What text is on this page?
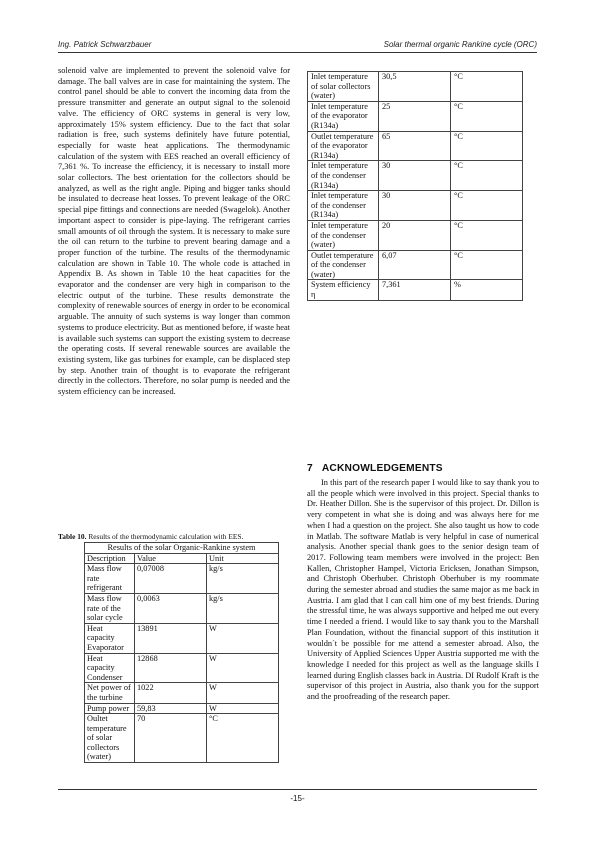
Ing. Patrick Schwarzbauer	Solar thermal organic Rankine cycle (ORC)

solenoid valve are implemented to prevent the solenoid valve for damage. The ball valves are in case for maintaining the system. The control panel should be able to convert the incoming data from the pressure transmitter and generate an output signal to the solenoid valve. The efficiency of ORC systems in general is very low, approximately 15% system efficiency. Due to the fact that solar radiation is free, such systems definitely have future potential, especially for waste heat applications. The thermodynamic calculation of the system with EES reached an overall efficiency of 7,361 %. To increase the efficiency, it is necessary to install more solar collectors. The best orientation for the collectors should be analyzed, as well as the right angle. Piping and bigger tanks should be insulated to decrease heat losses. To prevent leakage of the ORC special pipe fittings and connections are needed (Swagelok). Another important aspect to consider is pipe-laying. The refrigerant carries small amounts of oil through the system. It is necessary to make sure the oil can return to the turbine to prevent bearing damage and a proper function of the turbine. The results of the thermodynamic calculation are shown in Table 10. The whole code is attached in Appendix B. As shown in Table 10 the heat capacities for the evaporator and the condenser are very high in comparison to the electric output of the turbine. These results demonstrate the complexity of renewable sources of energy in order to be economical arguable. The annuity of such systems is way longer than common systems to produce electricity. But as mentioned before, if waste heat is available such systems can support the existing system to decrease the operating costs. If several renewable sources are available the existing system, like gas turbines for example, can be displaced step by step. Another train of thought is to evaporate the refrigerant directly in the collectors. Therefore, no solar pump is needed and the system efficiency can be increased.

Table 10. Results of the thermodynamic calculation with EES.
Results of the solar Organic-Rankine system		
Description	Value	Unit
Mass flow rate refrigerant	0,07008	kg/s
Mass flow rate of the solar cycle	0,0063	kg/s
Heat capacity Evaporator	13891	W
Heat capacity Condenser	12868	W
Net power of the turbine	1022	W
Pump power	59,83	W
Oultet temperature of solar collectors (water)	70	°C
Inlet temperature of solar collectors (water)	30,5	°C
Inlet temperature of the evaporator (R134a)	25	°C
Outlet temperature of the evaporator (R134a)	65	°C
Inlet temperature of the condenser (R134a)	30	°C
Inlet temperature of the condenser (R134a)	30	°C
Inlet temperature of the condenser (water)	20	°C
Outlet temperature of the condenser (water)	6,07	°C
System efficiency η	7,361	%
7 ACKNOWLEDGEMENTS

In this part of the research paper I would like to say thank you to all the people which were involved in this project. Special thanks to Dr. Heather Dillon. She is the supervisor of this project. Dr. Dillon is very competent in what she is doing and was always here for me when I had a question on the project. She also taught us how to code in Matlab. The software Matlab is very helpful in case of numerical analysis. Another special thank goes to the senior design team of 2017. Following team members were involved in the project: Ben Kallen, Christopher Hampel, Victoria Ericksen, Jonathan Simpson, and Christoph Oberhuber. Christoph Oberhuber is my roommate during the semester abroad and studies the same major as me back in Austria. I am glad that I can call him one of my best friends. During the stressful time, he was always supportive and helped me out every time I needed a friend. I would like to say thank you to the Marshall Plan Foundation, without the financial support of this institution it wouldn´t be possible for me attend a semester abroad. Also, the University of Applied Sciences Upper Austria supported me with the knowledge I needed for this project as well as the language skills I learned during English classes back in Austria. DI Rudolf Kraft is the supervisor of this project in Austria, also thank you for the support and the proofreading of the research paper.

-15-
